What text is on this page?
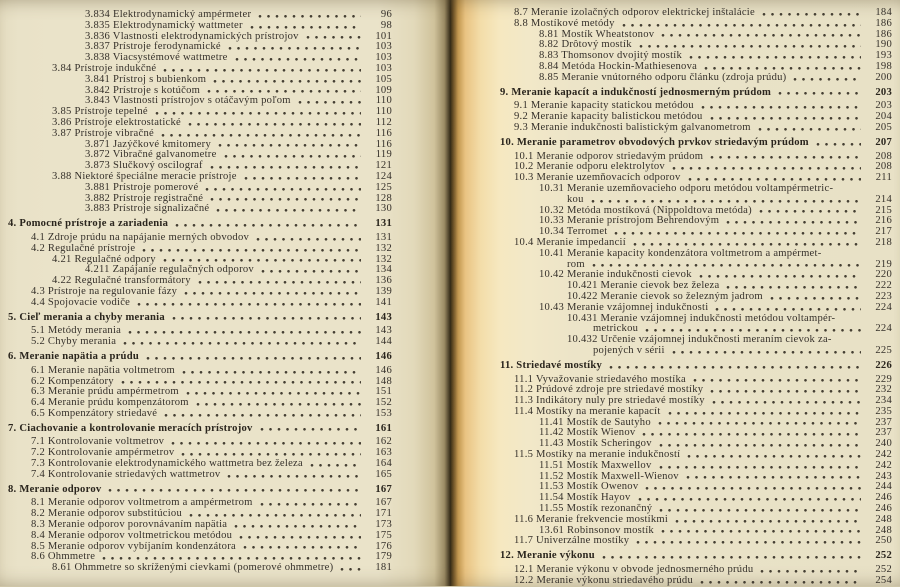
3.834 Elektrodynamický ampérmeter	96
3.835 Elektrodynamický wattmeter	98
3.836 Vlastnosti elektrodynamických prístrojov	101
3.837 Prístroje ferodynamické	103
3.838 Viacsystémové wattmetre	103
3.84 Prístroje indukčné	103
3.841 Prístroj s bubienkom	105
3.842 Prístroje s kotúčom	109
3.843 Vlastnosti prístrojov s otáčavým poľom	110
3.85 Prístroje tepelné	110
3.86 Prístroje elektrostatické	112
3.87 Prístroje vibračné	116
3.871 Jazýčkové kmitomery	116
3.872 Vibračné galvanometre	119
3.873 Slučkový oscilograf	121
3.88 Niektoré špeciálne meracie prístroje	124
3.881 Prístroje pomerové	125
3.882 Prístroje registračné	128
3.883 Prístroje signalizačné	130
4. Pomocné prístroje a zariadenia	131
4.1 Zdroje prúdu na napájanie merných obvodov	131
4.2 Regulačné prístroje	132
4.21 Regulačné odpory	132
4.211 Zapájanie regulačných odporov	134
4.22 Regulačné transformátory	136
4.3 Prístroje na regulovanie fázy	139
4.4 Spojovacie vodiče	141
5. Cieľ merania a chyby merania	143
5.1 Metódy merania	143
5.2 Chyby merania	144
6. Meranie napätia a prúdu	146
6.1 Meranie napätia voltmetrom	146
6.2 Kompenzátory	148
6.3 Meranie prúdu ampérmetrom	151
6.4 Meranie prúdu kompenzátorom	152
6.5 Kompenzátory striedavé	153
7. Ciachovanie a kontrolovanie meracích prístrojov	161
7.1 Kontrolovanie voltmetrov	162
7.2 Kontrolovanie ampérmetrov	163
7.3 Kontrolovanie elektrodynamického wattmetra bez železa	164
7.4 Kontrolovanie striedavých wattmetrov	165
8. Meranie odporov	167
8.1 Meranie odporov voltmetrom a ampérmetrom	167
8.2 Meranie odporov substitúciou	171
8.3 Meranie odporov porovnávaním napätia	173
8.4 Meranie odporov voltmetrickou metódou	175
8.5 Meranie odporov vybíjaním kondenzátora	176
8.6 Ohmmetre	179
8.61 Ohmmetre so skríženými cievkami (pomerové ohmmetre)	181
8.7 Meranie izolačných odporov elektrickej inštalácie	184
8.8 Mostíkové metódy	186
8.81 Mostík Wheatstonov	186
8.82 Drôtový mostík	190
8.83 Thomsonov dvojitý mostík	193
8.84 Metóda Hockin-Mathiesenova	198
8.85 Meranie vnútorného odporu článku (zdroja prúdu)	200
9. Meranie kapacít a indukčností jednosmerným prúdom	203
9.1 Meranie kapacity statickou metódou	203
9.2 Meranie kapacity balistickou metódou	204
9.3 Meranie indukčnosti balistickým galvanometrom	205
10. Meranie parametrov obvodových prvkov striedavým prúdom	207
10.1 Meranie odporov striedavým prúdom	208
10.2 Meranie odporu elektrolytov	208
10.3 Meranie uzemňovacích odporov	211
10.31 Meranie uzemňovacieho odporu metódou voltampérmetric-
kou	214
10.32 Metóda mostíková (Nippoldtova metóda)	215
10.33 Meranie prístrojom Behrendovým	216
10.34 Terromet	217
10.4 Meranie impedancií	218
10.41 Meranie kapacity kondenzátora voltmetrom a ampérmet-
rom	219
10.42 Meranie indukčnosti cievok	220
10.421 Meranie cievok bez železa	222
10.422 Meranie cievok so železným jadrom	223
10.43 Meranie vzájomnej indukčnosti	224
10.431 Meranie vzájomnej indukčnosti metódou voltampér-
metrickou	224
10.432 Určenie vzájomnej indukčnosti meraním cievok za-
pojených v sérii	225
11. Striedavé mostíky	226
11.1 Vyvažovanie striedavého mostíka	229
11.2 Prúdové zdroje pre striedavé mostíky	232
11.3 Indikátory nuly pre striedavé mostíky	234
11.4 Mostíky na meranie kapacít	235
11.41 Mostík de Sautyho	237
11.42 Mostík Wienov	237
11.43 Mostík Scheringov	240
11.5 Mostíky na meranie indukčností	242
11.51 Mostík Maxwellov	242
11.52 Mostík Maxwell-Wienov	243
11.53 Mostík Owenov	244
11.54 Mostík Hayov	246
11.55 Mostík rezonančný	246
11.6 Meranie frekvencie mostíkmi	248
13.61 Robinsonov mostík	248
11.7 Univerzálne mostíky	250
12. Meranie výkonu	252
12.1 Meranie výkonu v obvode jednosmerného prúdu	252
12.2 Meranie výkonu striedavého prúdu	254
